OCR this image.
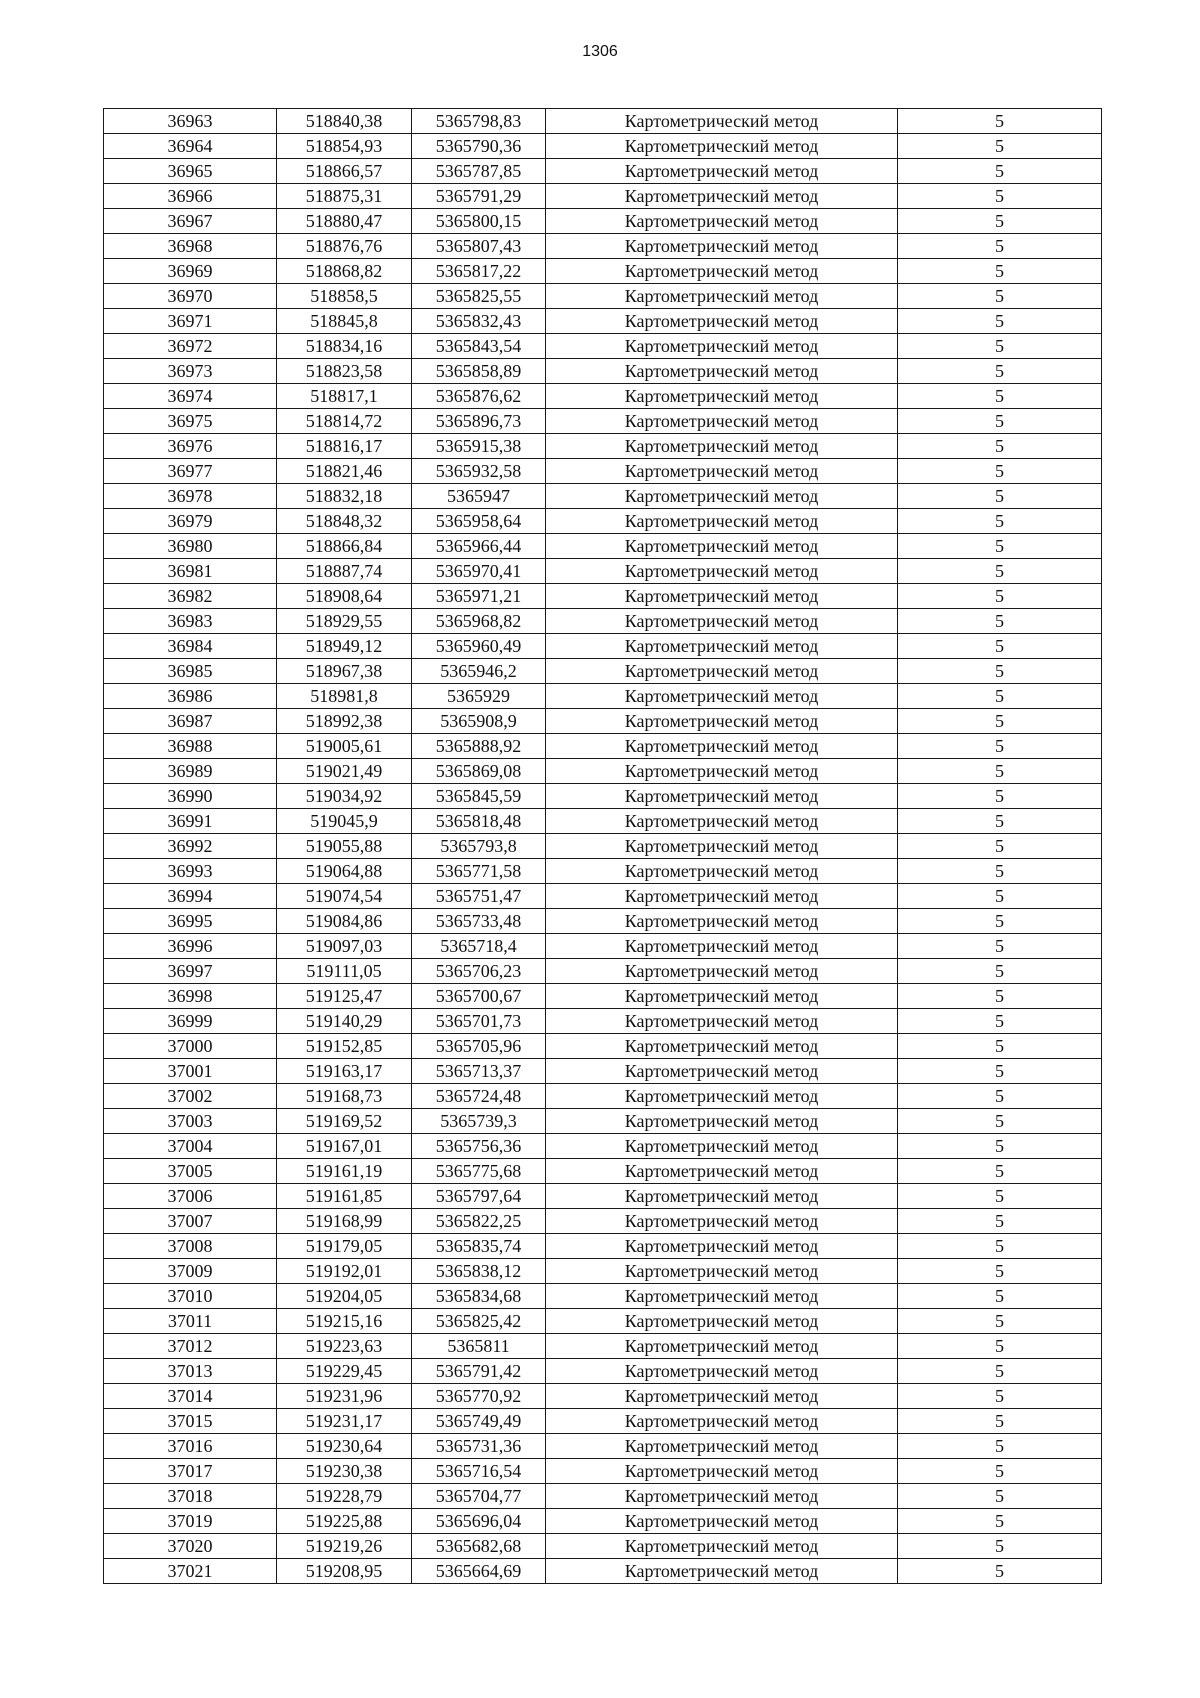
1306
36963	518840,38	5365798,83	Картометрический метод	5
36964	518854,93	5365790,36	Картометрический метод	5
36965	518866,57	5365787,85	Картометрический метод	5
36966	518875,31	5365791,29	Картометрический метод	5
36967	518880,47	5365800,15	Картометрический метод	5
36968	518876,76	5365807,43	Картометрический метод	5
36969	518868,82	5365817,22	Картометрический метод	5
36970	518858,5	5365825,55	Картометрический метод	5
36971	518845,8	5365832,43	Картометрический метод	5
36972	518834,16	5365843,54	Картометрический метод	5
36973	518823,58	5365858,89	Картометрический метод	5
36974	518817,1	5365876,62	Картометрический метод	5
36975	518814,72	5365896,73	Картометрический метод	5
36976	518816,17	5365915,38	Картометрический метод	5
36977	518821,46	5365932,58	Картометрический метод	5
36978	518832,18	5365947	Картометрический метод	5
36979	518848,32	5365958,64	Картометрический метод	5
36980	518866,84	5365966,44	Картометрический метод	5
36981	518887,74	5365970,41	Картометрический метод	5
36982	518908,64	5365971,21	Картометрический метод	5
36983	518929,55	5365968,82	Картометрический метод	5
36984	518949,12	5365960,49	Картометрический метод	5
36985	518967,38	5365946,2	Картометрический метод	5
36986	518981,8	5365929	Картометрический метод	5
36987	518992,38	5365908,9	Картометрический метод	5
36988	519005,61	5365888,92	Картометрический метод	5
36989	519021,49	5365869,08	Картометрический метод	5
36990	519034,92	5365845,59	Картометрический метод	5
36991	519045,9	5365818,48	Картометрический метод	5
36992	519055,88	5365793,8	Картометрический метод	5
36993	519064,88	5365771,58	Картометрический метод	5
36994	519074,54	5365751,47	Картометрический метод	5
36995	519084,86	5365733,48	Картометрический метод	5
36996	519097,03	5365718,4	Картометрический метод	5
36997	519111,05	5365706,23	Картометрический метод	5
36998	519125,47	5365700,67	Картометрический метод	5
36999	519140,29	5365701,73	Картометрический метод	5
37000	519152,85	5365705,96	Картометрический метод	5
37001	519163,17	5365713,37	Картометрический метод	5
37002	519168,73	5365724,48	Картометрический метод	5
37003	519169,52	5365739,3	Картометрический метод	5
37004	519167,01	5365756,36	Картометрический метод	5
37005	519161,19	5365775,68	Картометрический метод	5
37006	519161,85	5365797,64	Картометрический метод	5
37007	519168,99	5365822,25	Картометрический метод	5
37008	519179,05	5365835,74	Картометрический метод	5
37009	519192,01	5365838,12	Картометрический метод	5
37010	519204,05	5365834,68	Картометрический метод	5
37011	519215,16	5365825,42	Картометрический метод	5
37012	519223,63	5365811	Картометрический метод	5
37013	519229,45	5365791,42	Картометрический метод	5
37014	519231,96	5365770,92	Картометрический метод	5
37015	519231,17	5365749,49	Картометрический метод	5
37016	519230,64	5365731,36	Картометрический метод	5
37017	519230,38	5365716,54	Картометрический метод	5
37018	519228,79	5365704,77	Картометрический метод	5
37019	519225,88	5365696,04	Картометрический метод	5
37020	519219,26	5365682,68	Картометрический метод	5
37021	519208,95	5365664,69	Картометрический метод	5
